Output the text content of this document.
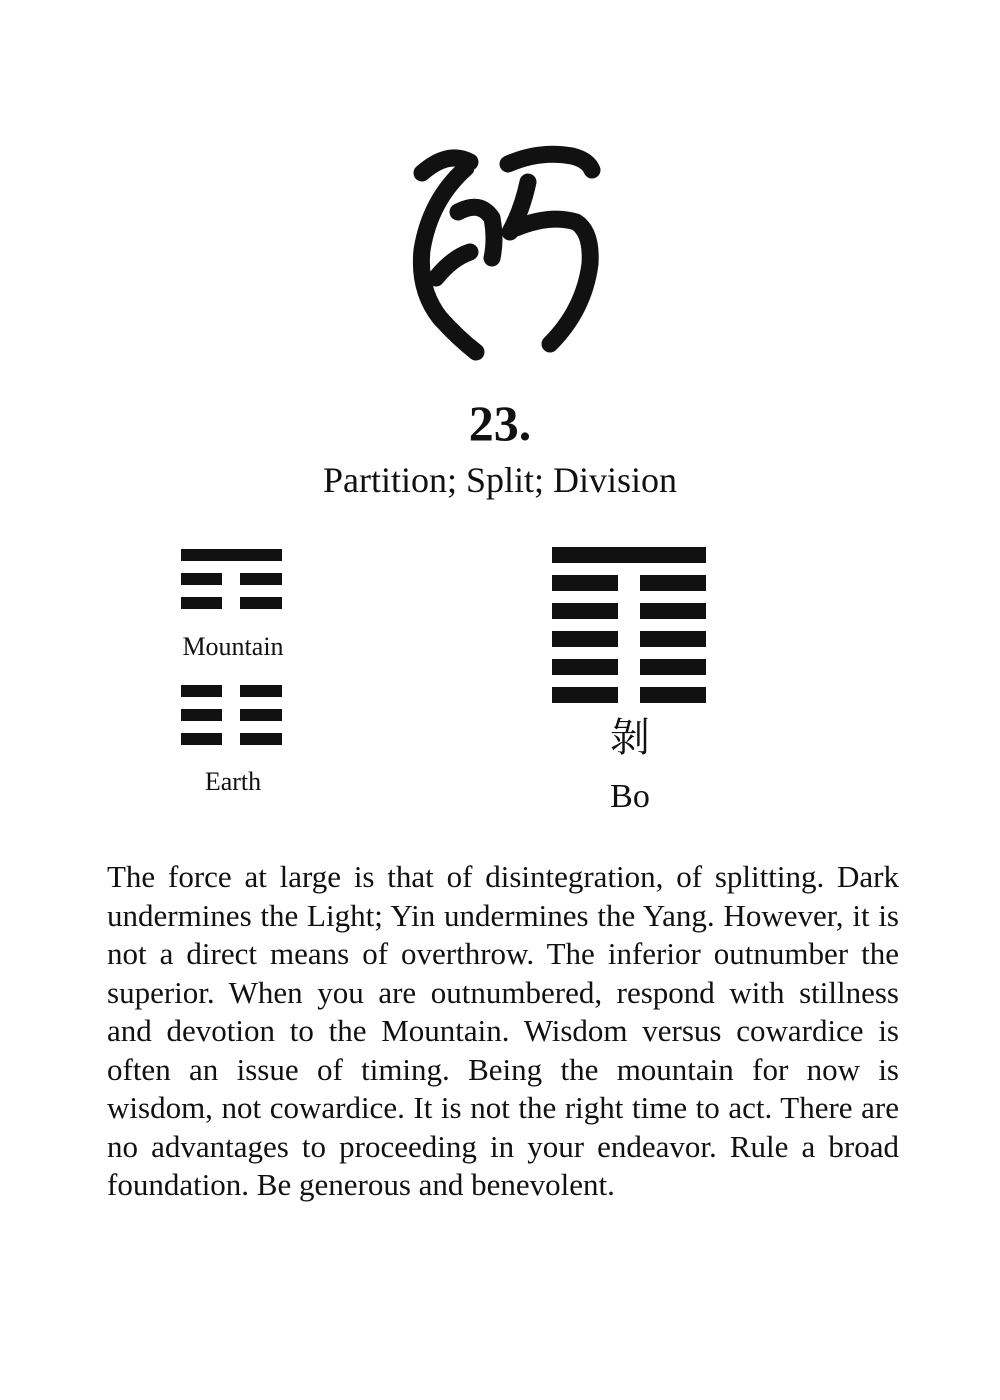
23.
Partition; Split; Division
Mountain
Earth
剝
Bo

The force at large is that of disintegration, of splitting. Dark undermines the Light; Yin undermines the Yang. However, it is not a direct means of overthrow. The inferior outnumber the superior. When you are outnumbered, respond with stillness and devotion to the Mountain. Wisdom versus cowardice is often an issue of timing. Being the mountain for now is wisdom, not cowardice. It is not the right time to act. There are no advantages to proceeding in your endeavor. Rule a broad foundation. Be generous and benevolent.
